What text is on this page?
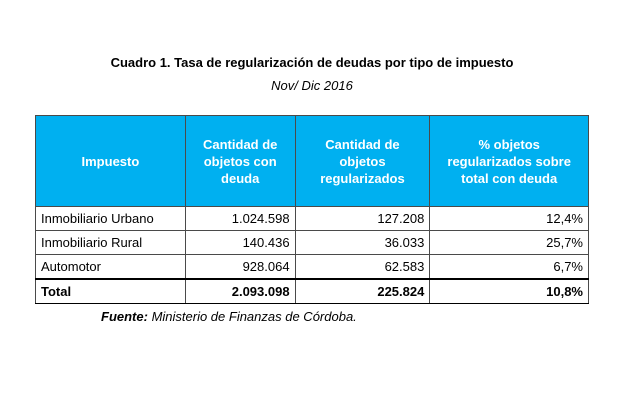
Cuadro 1. Tasa de regularización de deudas por tipo de impuesto
Nov/ Dic 2016
Impuesto	Cantidad de objetos con deuda	Cantidad de objetos regularizados	% objetos regularizados sobre total con deuda
Inmobiliario Urbano	1.024.598	127.208	12,4%
Inmobiliario Rural	140.436	36.033	25,7%
Automotor	928.064	62.583	6,7%
Total	2.093.098	225.824	10,8%
Fuente: Ministerio de Finanzas de Córdoba.
